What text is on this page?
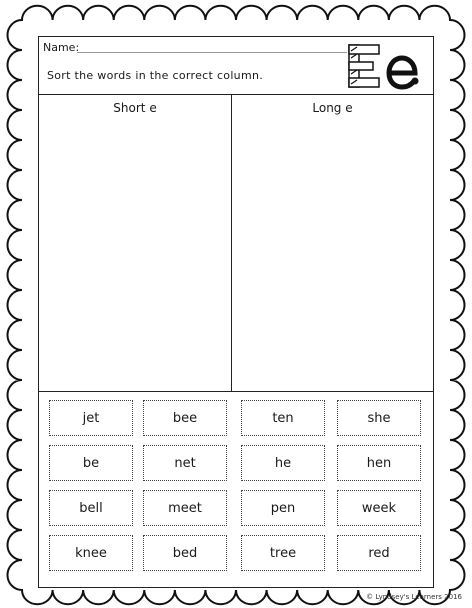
Name:
Sort the words in the correct column.
Short e	Long e
jet	bee	ten	she
be	net	he	hen
bell	meet	pen	week
knee	bed	tree	red
© Lyndsey's Learners 2016
